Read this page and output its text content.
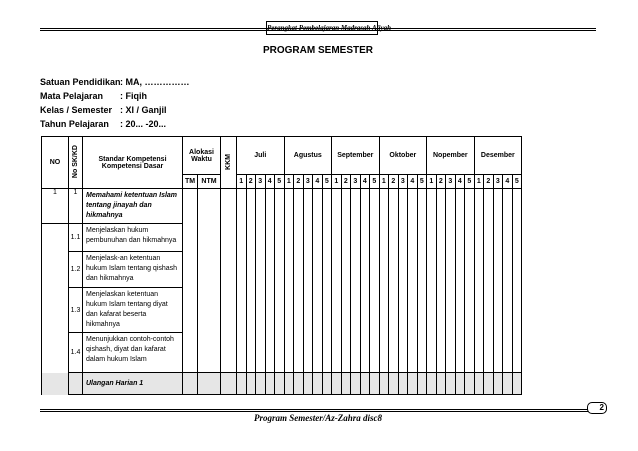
Perangkat Pembelajaran Madrasah Aliyah
PROGRAM SEMESTER
Satuan Pendidikan: MA, ……………
Mata Pelajaran : Fiqih
Kelas / Semester : XI / Ganjil
Tahun Pelajaran : 20... -20...
NO	No SK/KD	Standar Kompetensi Kompetensi Dasar	Alokasi Waktu		KKM	Juli					Agustus					September					Oktober					Nopember					Desember				
			TM	NTM		1	2	3	4	5	1	2	3	4	5	1	2	3	4	5	1	2	3	4	5	1	2	3	4	5	1	2	3	4	5
1	1	Memahami ketentuan Islam tentang jinayah dan hikmahnya																																	
	1.1	Menjelaskan hukum pembunuhan dan hikmahnya																																	
	1.2	Menjelask-an ketentuan hukum Islam tentang qishash dan hikmahnya																																	
	1.3	Menjelaskan ketentuan hukum Islam tentang diyat dan kafarat beserta hikmahnya																																	
	1.4	Menunjukkan contoh-contoh qishash, diyat dan kafarat dalam hukum Islam																																	
		Ulangan Harian 1																																	
2
Program Semester/Az-Zahra disc8
